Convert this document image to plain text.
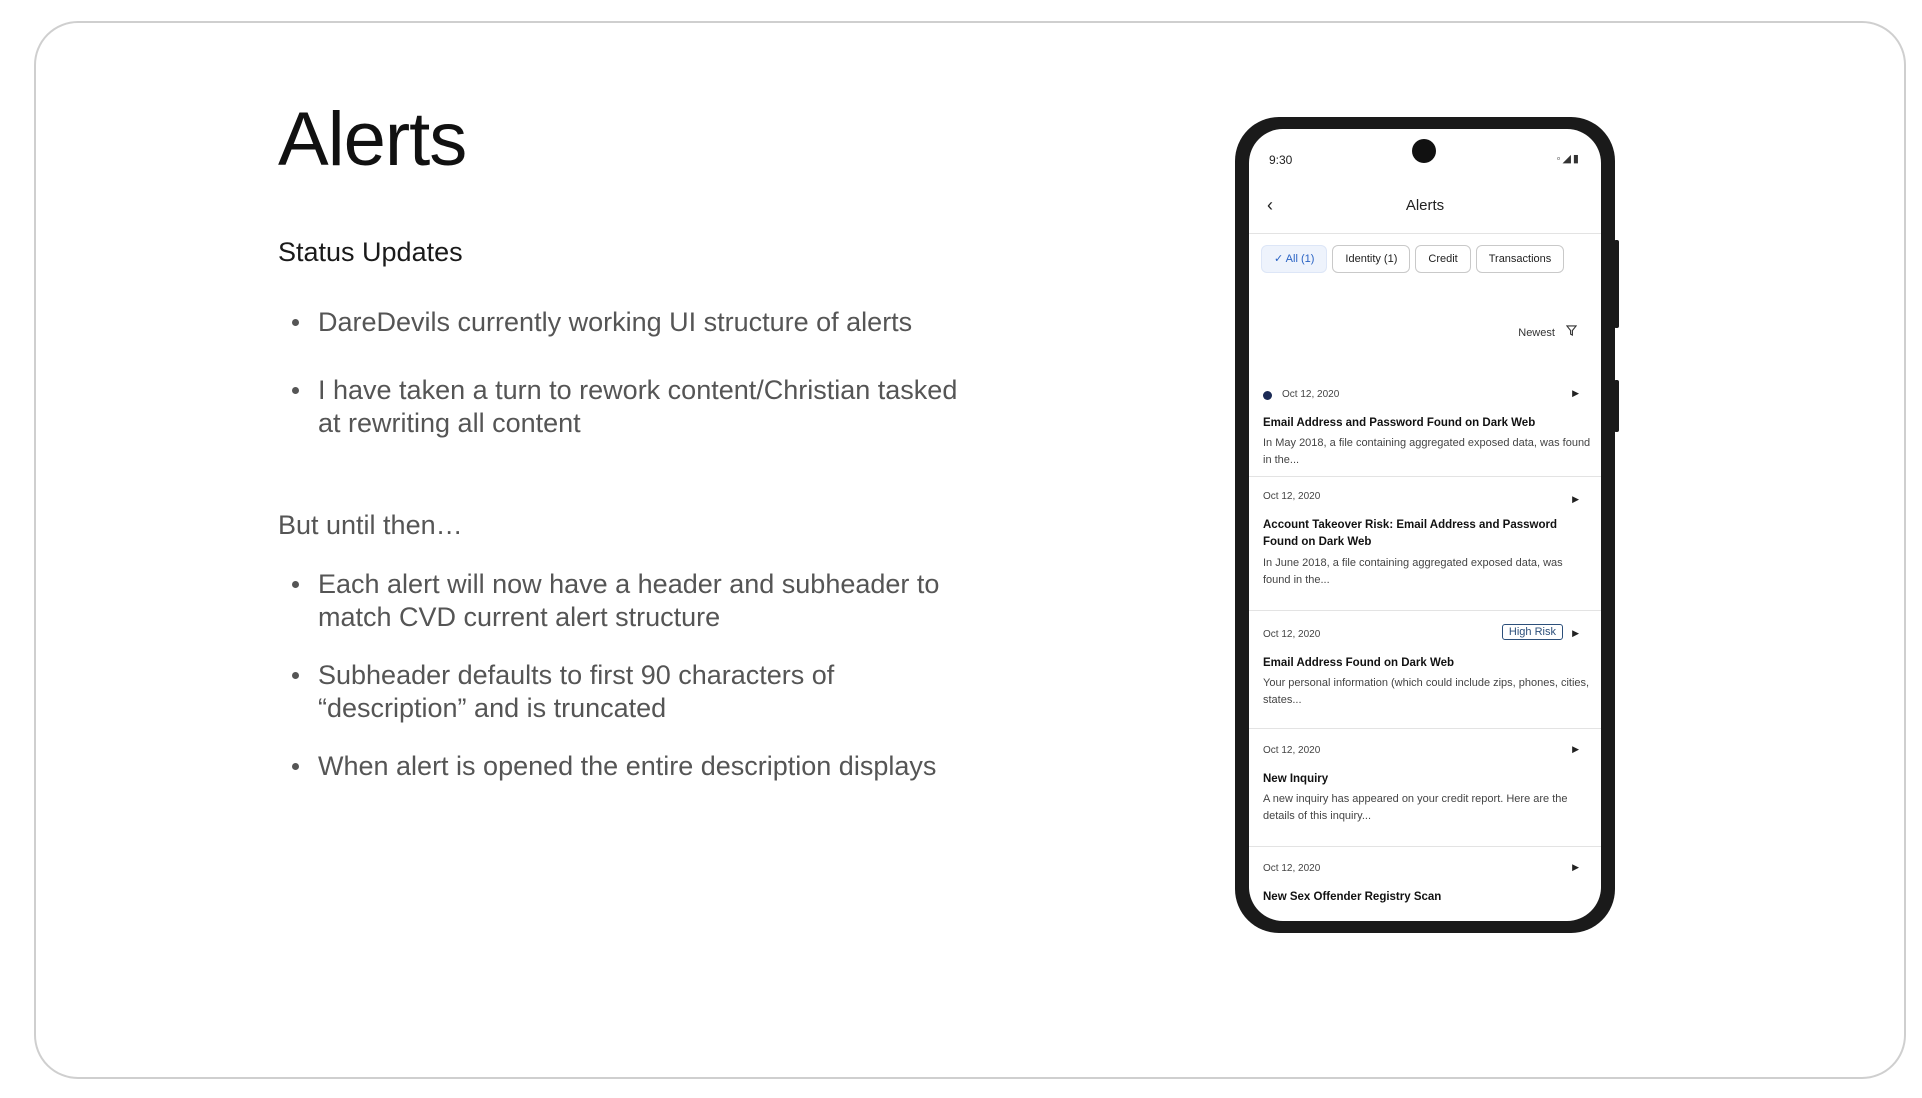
Alerts
Status Updates
DareDevils currently working UI structure of alerts
I have taken a turn to rework content/Christian tasked at rewriting all content

But until then…

Each alert will now have a header and subheader to match CVD current alert structure
Subheader defaults to first 90 characters of “description” and is truncated
When alert is opened the entire description displays
9:30	◦◢▮
‹	Alerts
✓ All (1)	Identity (1)	Credit	Transactions
Newest
Oct 12, 2020	▶
Email Address and Password Found on Dark Web
In May 2018, a file containing aggregated exposed data, was found in the...
Oct 12, 2020	▶
Account Takeover Risk: Email Address and Password Found on Dark Web
In June 2018, a file containing aggregated exposed data, was found in the...
Oct 12, 2020	High Risk	▶
Email Address Found on Dark Web
Your personal information (which could include zips, phones, cities, states...
Oct 12, 2020	▶
New Inquiry
A new inquiry has appeared on your credit report. Here are the details of this inquiry...
Oct 12, 2020	▶
New Sex Offender Registry Scan
